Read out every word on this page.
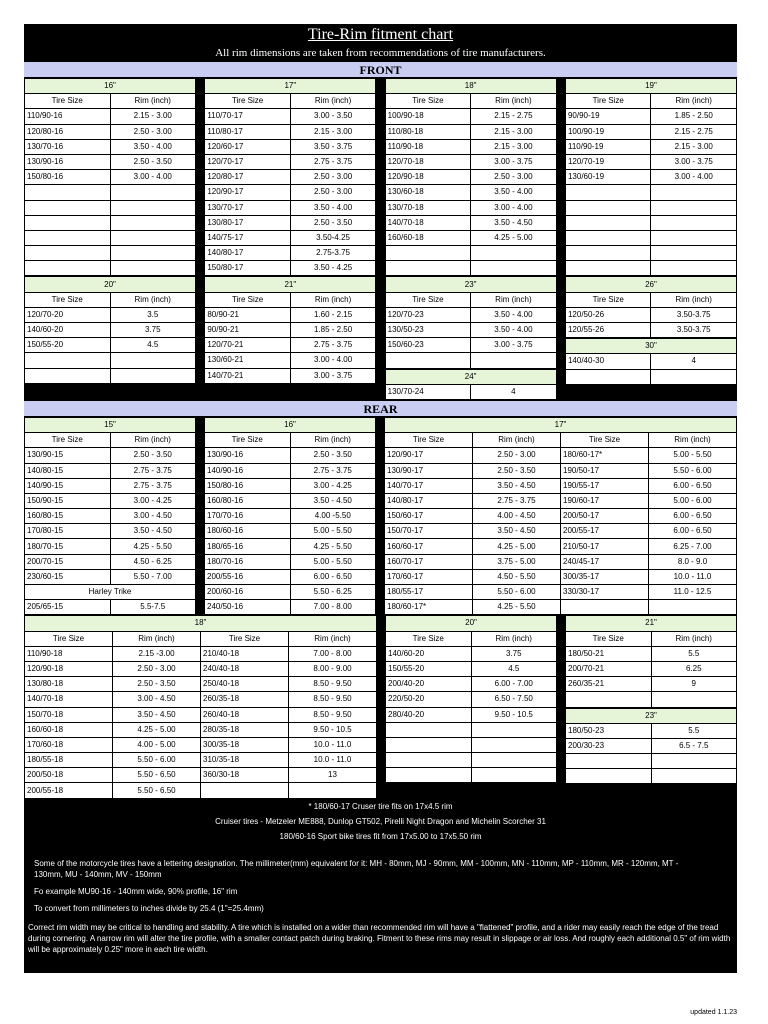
Tire-Rim fitment chart
All rim dimensions are taken from recommendations of tire manufacturers.
FRONT
16"	
Tire Size	Rim (inch)
110/90-16	2.15 - 3.00
120/80-16	2.50 - 3.00
130/70-16	3.50 - 4.00
130/90-16	2.50 - 3.50
150/80-16	3.00 - 4.00

17"	
Tire Size	Rim (inch)
110/70-17	3.00 - 3.50
110/80-17	2.15 - 3.00
120/60-17	3.50 - 3.75
120/70-17	2.75 - 3.75
120/80-17	2.50 - 3.00
120/90-17	2.50 - 3.00
130/70-17	3.50 - 4.00
130/80-17	2.50 - 3.50
140/75-17	3.50-4.25
140/80-17	2.75-3.75
150/80-17	3.50 - 4.25
18"	
Tire Size	Rim (inch)
100/90-18	2.15 - 2.75
110/80-18	2.15 - 3.00
110/90-18	2.15 - 3.00
120/70-18	3.00 - 3.75
120/90-18	2.50 - 3.00
130/60-18	3.50 - 4.00
130/70-18	3.00 - 4.00
140/70-18	3.50 - 4.50
160/60-18	4.25 - 5.00

19"	
Tire Size	Rim (inch)
90/90-19	1.85 - 2.50
100/90-19	2.15 - 2.75
110/90-19	2.15 - 3.00
120/70-19	3.00 - 3.75
130/60-19	3.00 - 4.00

20"	
Tire Size	Rim (inch)
120/70-20	3.5
140/60-20	3.75
150/55-20	4.5

21"	
Tire Size	Rim (inch)
80/90-21	1.60 - 2.15
90/90-21	1.85 - 2.50
120/70-21	2.75 - 3.75
130/60-21	3.00 - 4.00
140/70-21	3.00 - 3.75
23"	
Tire Size	Rim (inch)
120/70-23	3.50 - 4.00
130/50-23	3.50 - 4.00
150/60-23	3.00 - 3.75

24"
130/70-24	4
26"	
Tire Size	Rim (inch)
120/50-26	3.50-3.75
120/55-26	3.50-3.75
30"	
140/40-30	4

REAR
15"	
Tire Size	Rim (inch)
130/90-15	2.50 - 3.50
140/80-15	2.75 - 3.75
140/90-15	2.75 - 3.75
150/90-15	3.00 - 4.25
160/80-15	3.00 - 4.50
170/80-15	3.50 - 4.50
180/70-15	4.25 - 5.50
200/70-15	4.50 - 6.25
230/60-15	5.50 - 7.00
Harley Trike	
205/65-15	5.5-7.5
16"	
Tire Size	Rim (inch)
130/90-16	2.50 - 3.50
140/90-16	2.75 - 3.75
150/80-16	3.00 - 4.25
160/80-16	3.50 - 4.50
170/70-16	4.00 -5.50
180/60-16	5.00 - 5.50
180/65-16	4.25 - 5.50
180/70-16	5.00 - 5.50
200/55-16	6.00 - 6.50
200/60-16	5.50 - 6.25
240/50-16	7.00 - 8.00
17"			
Tire Size	Rim (inch)	Tire Size	Rim (inch)
120/90-17	2.50 - 3.00	180/60-17*	5.00 - 5.50
130/90-17	2.50 - 3.50	190/50-17	5.50 - 6.00
140/70-17	3.50 - 4.50	190/55-17	6.00 - 6.50
140/80-17	2.75 - 3.75	190/60-17	5.00 - 6.00
150/60-17	4.00 - 4.50	200/50-17	6.00 - 6.50
150/70-17	3.50 - 4.50	200/55-17	6.00 - 6.50
160/60-17	4.25 - 5.00	210/50-17	6.25 - 7.00
160/70-17	3.75 - 5.00	240/45-17	8.0 - 9.0
170/60-17	4.50 - 5.50	300/35-17	10.0 - 11.0
180/55-17	5.50 - 6.00	330/30-17	11.0 - 12.5
180/60-17*	4.25 - 5.50		
18"			
Tire Size	Rim (inch)	Tire Size	Rim (inch)
110/90-18	2.15 -3.00	210/40-18	7.00 - 8.00
120/90-18	2.50 - 3.00	240/40-18	8.00 - 9.00
130/80-18	2.50 - 3.50	250/40-18	8.50 - 9.50
140/70-18	3.00 - 4.50	260/35-18	8.50 - 9.50
150/70-18	3.50 - 4.50	260/40-18	8.50 - 9.50
160/60-18	4.25 - 5.00	280/35-18	9.50 - 10.5
170/60-18	4.00 - 5.00	300/35-18	10.0 - 11.0
180/55-18	5.50 - 6.00	310/35-18	10.0 - 11.0
200/50-18	5.50 - 6.50	360/30-18	13
200/55-18	5.50 - 6.50		
20"	
Tire Size	Rim (inch)
140/60-20	3.75
150/55-20	4.5
200/40-20	6.00 - 7.00
220/50-20	6.50 - 7.50
280/40-20	9.50 - 10.5

21"	
Tire Size	Rim (inch)
180/50-21	5.5
200/70-21	6.25
260/35-21	9

23"	
180/50-23	5.5
200/30-23	6.5 - 7.5

* 180/60-17 Cruser tire fits on 17x4.5 rim
Cruiser tires - Metzeler ME888, Dunlop GT502, Pirelli Night Dragon and Michelin Scorcher 31
180/60-16 Sport bike tires fit from 17x5.00 to 17x5.50 rim
Some of the motorcycle tires have a lettering designation. The millimeter(mm) equivalent for it: MH - 80mm, MJ - 90mm, MM - 100mm, MN - 110mm, MP - 110mm, MR - 120mm, MT - 130mm, MU - 140mm, MV - 150mm
Fo example MU90-16 - 140mm wide, 90% profile, 16" rim
To convert from millimeters to inches divide by 25.4 (1"=25.4mm)
Correct rim width may be critical to handling and stability. A tire which is installed on a wider than recommended rim will have a "flattened" profile, and a rider may easily reach the edge of the tread during cornering. A narrow rim will alter the tire profile, with a smaller contact patch during braking. Fitment to these rims may result in slippage or air loss. And roughly each additional 0.5" of rim width will be approximately 0.25" more in each tire width.
updated 1.1.23
